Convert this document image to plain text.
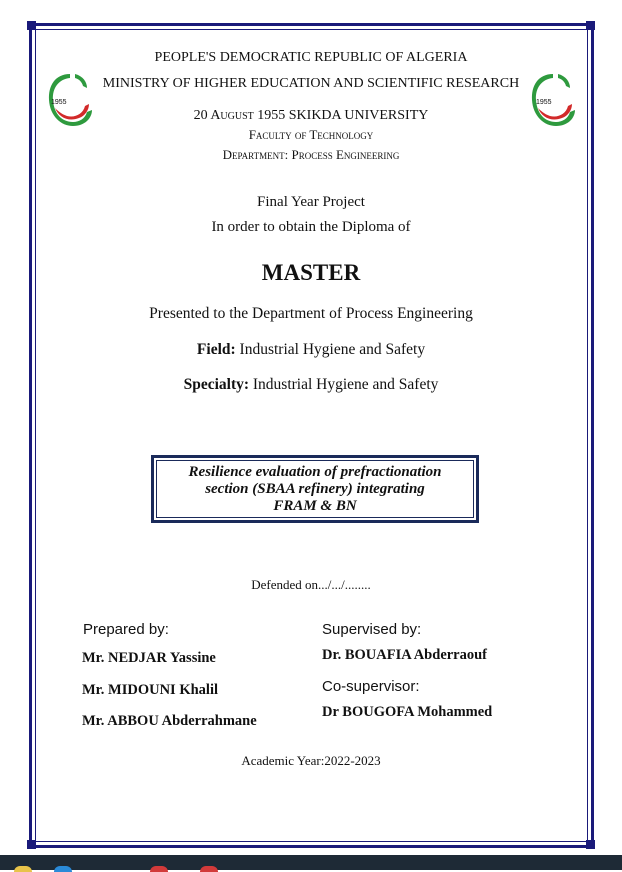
1955	1955
PEOPLE'S DEMOCRATIC REPUBLIC OF ALGERIA
MINISTRY OF HIGHER EDUCATION AND SCIENTIFIC RESEARCH
20 August 1955 SKIKDA UNIVERSITY
Faculty of Technology
Department: Process Engineering
Final Year Project
In order to obtain the Diploma of
MASTER
Presented to the Department of Process Engineering
Field: Industrial Hygiene and Safety
Specialty: Industrial Hygiene and Safety
Resilience evaluation of prefractionation
section (SBAA refinery) integrating
FRAM & BN
Defended on.../.../........
Prepared by:
Mr. NEDJAR Yassine
Mr. MIDOUNI Khalil
Mr. ABBOU Abderrahmane
Supervised by:
Dr. BOUAFIA Abderraouf
Co-supervisor:
Dr BOUGOFA Mohammed
Academic Year:2022-2023
